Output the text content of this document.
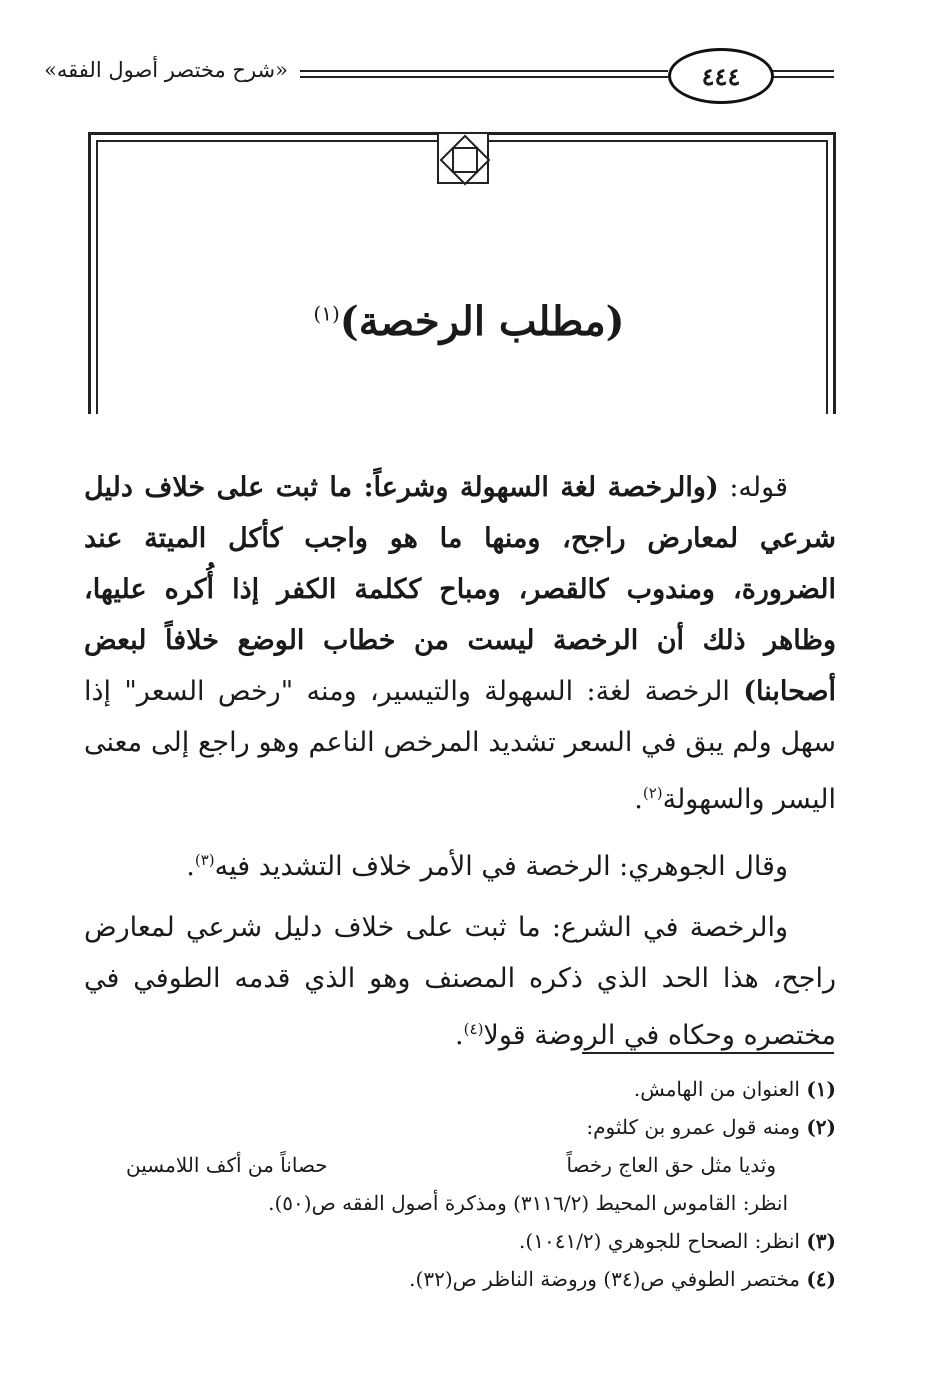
«شرح مختصر أصول الفقه»	٤٤٤
(مطلب الرخصة)$^{(١)}$

قوله: (والرخصة لغة السهولة وشرعاً: ما ثبت على خلاف دليل شرعي لمعارض راجح، ومنها ما هو واجب كأكل الميتة عند الضرورة، ومندوب كالقصر، ومباح ككلمة الكفر إذا أُكره عليها، وظاهر ذلك أن الرخصة ليست من خطاب الوضع خلافاً لبعض أصحابنا) الرخصة لغة: السهولة والتيسير، ومنه "رخص السعر" إذا سهل ولم يبق في السعر تشديد المرخص الناعم وهو راجع إلى معنى اليسر والسهولة$^{(٢)}$.

وقال الجوهري: الرخصة في الأمر خلاف التشديد فيه$^{(٣)}$.

والرخصة في الشرع: ما ثبت على خلاف دليل شرعي لمعارض راجح، هذا الحد الذي ذكره المصنف وهو الذي قدمه الطوفي في مختصره وحكاه في الروضة قولا$^{(٤)}$.

(١) العنوان من الهامش.

(٢) ومنه قول عمرو بن كلثوم:

وثديا مثل حق العاج رخصاً
حصاناً من أكف اللامسين

انظر: القاموس المحيط (٣١١٦/٢) ومذكرة أصول الفقه ص(٥٠).

(٣) انظر: الصحاح للجوهري (١٠٤١/٢).

(٤) مختصر الطوفي ص(٣٤) وروضة الناظر ص(٣٢).
